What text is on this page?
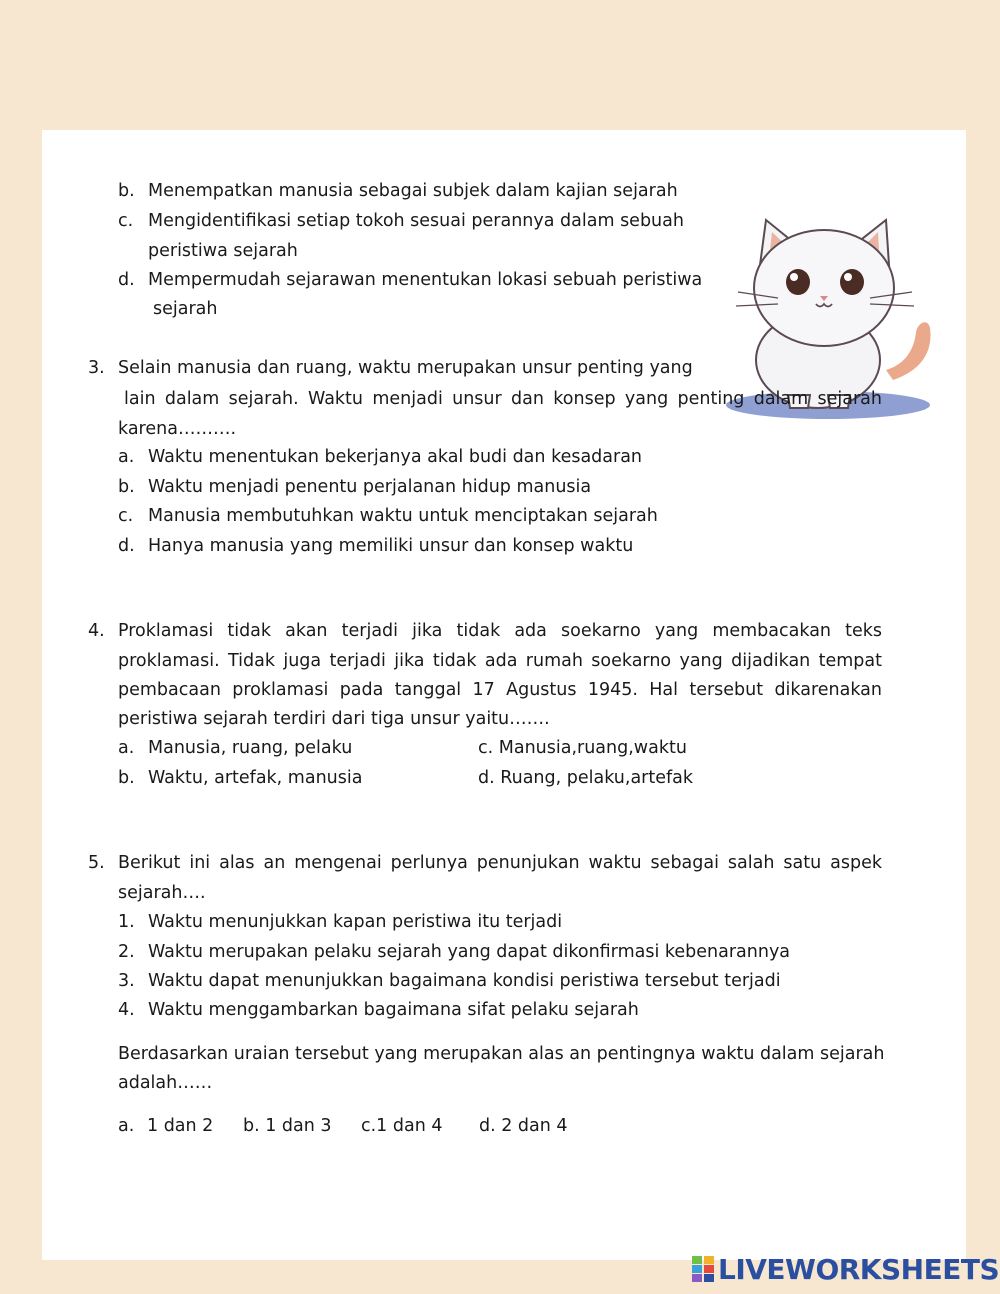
b. Menempatkan manusia sebagai subjek dalam kajian sejarah
c. Mengidentifikasi setiap tokoh sesuai perannya dalam sebuah
peristiwa sejarah
d. Mempermudah sejarawan menentukan lokasi sebuah peristiwa
sejarah
3. Selain manusia dan ruang, waktu merupakan unsur penting yang
lain dalam sejarah. Waktu menjadi unsur dan konsep yang penting dalam sejarah
karena……….
a. Waktu menentukan bekerjanya akal budi dan kesadaran
b. Waktu menjadi penentu perjalanan hidup manusia
c. Manusia membutuhkan waktu untuk menciptakan sejarah
d. Hanya manusia yang memiliki unsur dan konsep waktu
4. Proklamasi tidak akan terjadi jika tidak ada soekarno yang membacakan teks
proklamasi. Tidak juga terjadi jika tidak ada rumah soekarno yang dijadikan tempat
pembacaan proklamasi pada tanggal 17 Agustus 1945. Hal tersebut dikarenakan
peristiwa sejarah terdiri dari tiga unsur yaitu…….
a. Manusia, ruang, pelaku	c. Manusia,ruang,waktu
b. Waktu, artefak, manusia	d. Ruang, pelaku,artefak
5. Berikut ini alas an mengenai perlunya penunjukan waktu sebagai salah satu aspek
sejarah….
1. Waktu menunjukkan kapan peristiwa itu terjadi
2. Waktu merupakan pelaku sejarah yang dapat dikonfirmasi kebenarannya
3. Waktu dapat menunjukkan bagaimana kondisi peristiwa tersebut terjadi
4. Waktu menggambarkan bagaimana sifat pelaku sejarah
Berdasarkan uraian tersebut yang merupakan alas an pentingnya waktu dalam sejarah
adalah……
a. 1 dan 2 b. 1 dan 3 c.1 dan 4 d. 2 dan 4
LIVEWORKSHEETS
